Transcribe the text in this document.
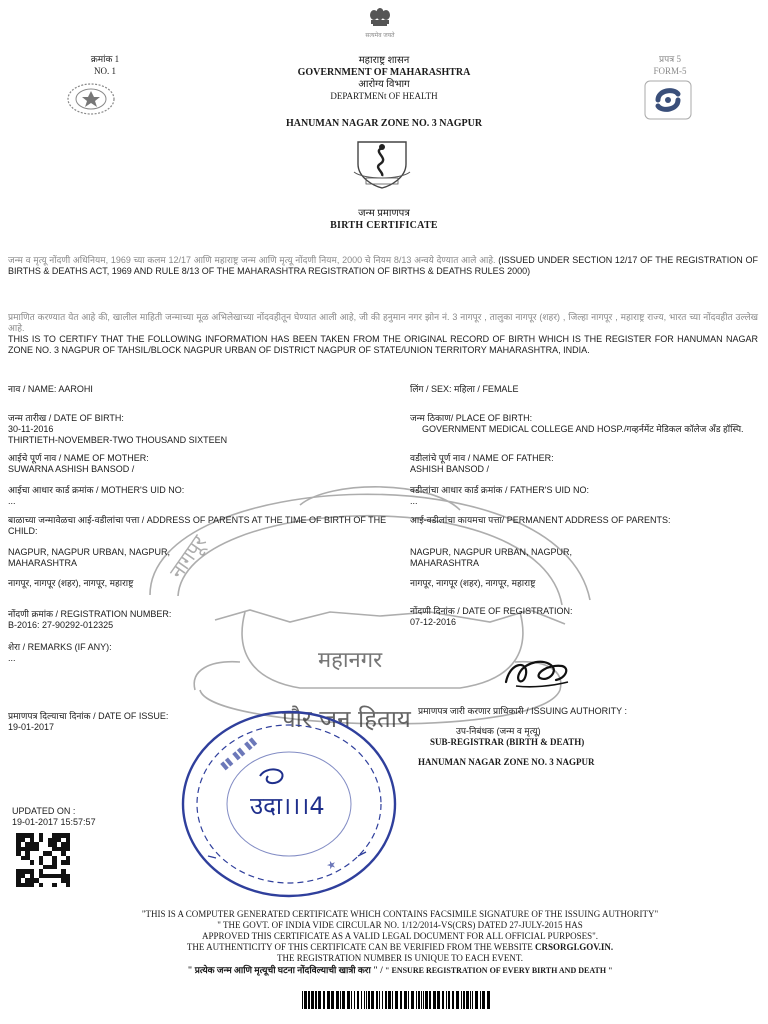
नागपूर
महानगर
पौर जन हिताय
सत्यमेव जयते
क्रमांक 1
NO. 1
प्रपत्र 5
FORM-5
महाराष्ट्र शासन
GOVERNMENT OF MAHARASHTRA
आरोग्य विभाग
DEPARTMENt OF HEALTH
HANUMAN NAGAR ZONE NO. 3 NAGPUR
जन्म प्रमाणपत्र
BIRTH CERTIFICATE
जन्म व मृत्यू नोंदणी अधिनियम, 1969 च्या कलम 12/17 आणि महाराष्ट्र जन्म आणि मृत्यू नोंदणी नियम, 2000 चे नियम 8/13 अन्वये देण्यात आले आहे. (ISSUED UNDER SECTION 12/17 OF THE REGISTRATION OF BIRTHS & DEATHS ACT, 1969 AND RULE 8/13 OF THE MAHARASHTRA REGISTRATION OF BIRTHS & DEATHS RULES 2000)
प्रमाणित करण्यात येत आहे की, खालील माहिती जन्माच्या मूळ अभिलेखाच्या नोंदवहीतून घेण्यात आली आहे, जी की हनुमान नगर झोन नं. 3 नागपूर , तालुका नागपूर (शहर) , जिल्हा नागपूर , महाराष्ट्र राज्य, भारत च्या नोंदवहीत उल्लेख आहे.
THIS IS TO CERTIFY THAT THE FOLLOWING INFORMATION HAS BEEN TAKEN FROM THE ORIGINAL RECORD OF BIRTH WHICH IS THE REGISTER FOR HANUMAN NAGAR ZONE NO. 3 NAGPUR OF TAHSIL/BLOCK NAGPUR URBAN OF DISTRICT NAGPUR OF STATE/UNION TERRITORY MAHARASHTRA, INDIA.
नाव / NAME: AAROHI	लिंग / SEX: महिला / FEMALE
जन्म तारीख / DATE OF BIRTH:
30-11-2016
THIRTIETH-NOVEMBER-TWO THOUSAND SIXTEEN
जन्म ठिकाण/ PLACE OF BIRTH:
GOVERNMENT MEDICAL COLLEGE AND HOSP./गव्हर्नमेंट मेडिकल कॉलेज अँड हॉस्पि.
आईचे पूर्ण नाव / NAME OF MOTHER:
SUWARNA ASHISH BANSOD /
वडीलांचे पूर्ण नाव / NAME OF FATHER:
ASHISH BANSOD /
आईचा आधार कार्ड क्रमांक / MOTHER'S UID NO:
...
वडीलांचा आधार कार्ड क्रमांक / FATHER'S UID NO:
...
बाळाच्या जन्मावेळचा आई-वडीलांचा पत्ता / ADDRESS OF PARENTS AT THE TIME OF BIRTH OF THE CHILD:
NAGPUR, NAGPUR URBAN, NAGPUR, MAHARASHTRA
नागपूर, नागपूर (शहर), नागपूर, महाराष्ट्र
आई-वडीलांचा कायमचा पत्ता/ PERMANENT ADDRESS OF PARENTS:
NAGPUR, NAGPUR URBAN, NAGPUR, MAHARASHTRA
नागपूर, नागपूर (शहर), नागपूर, महाराष्ट्र
नोंदणी क्रमांक / REGISTRATION NUMBER:
B-2016: 27-90292-012325
नोंदणी दिनांक / DATE OF REGISTRATION:
07-12-2016
शेरा / REMARKS (IF ANY):
...
प्रमाणपत्र दिल्याचा दिनांक / DATE OF ISSUE:
19-01-2017
प्रमाणपत्र जारी करणार प्राधिकारी / ISSUING AUTHORITY :
उप-निबंधक (जन्म व मृत्यू)
SUB-REGISTRAR (BIRTH & DEATH)
HANUMAN NAGAR ZONE NO. 3 NAGPUR
▮▮ ▮▮ ▮▮
★
उदा।।।4
UPDATED ON :
19-01-2017 15:57:57
"THIS IS A COMPUTER GENERATED CERTIFICATE WHICH CONTAINS FACSIMILE SIGNATURE OF THE ISSUING AUTHORITY"
" THE GOVT. OF INDIA VIDE CIRCULAR NO. 1/12/2014-VS(CRS) DATED 27-JULY-2015 HAS
APPROVED THIS CERTIFICATE AS A VALID LEGAL DOCUMENT FOR ALL OFFICIAL PURPOSES".
THE AUTHENTICITY OF THIS CERTIFICATE CAN BE VERIFIED FROM THE WEBSITE CRSORGI.GOV.IN.
THE REGISTRATION NUMBER IS UNIQUE TO EACH EVENT.
" प्रत्येक जन्म आणि मृत्यूची घटना नोंदविल्याची खात्री करा " / " ENSURE REGISTRATION OF EVERY BIRTH AND DEATH "
